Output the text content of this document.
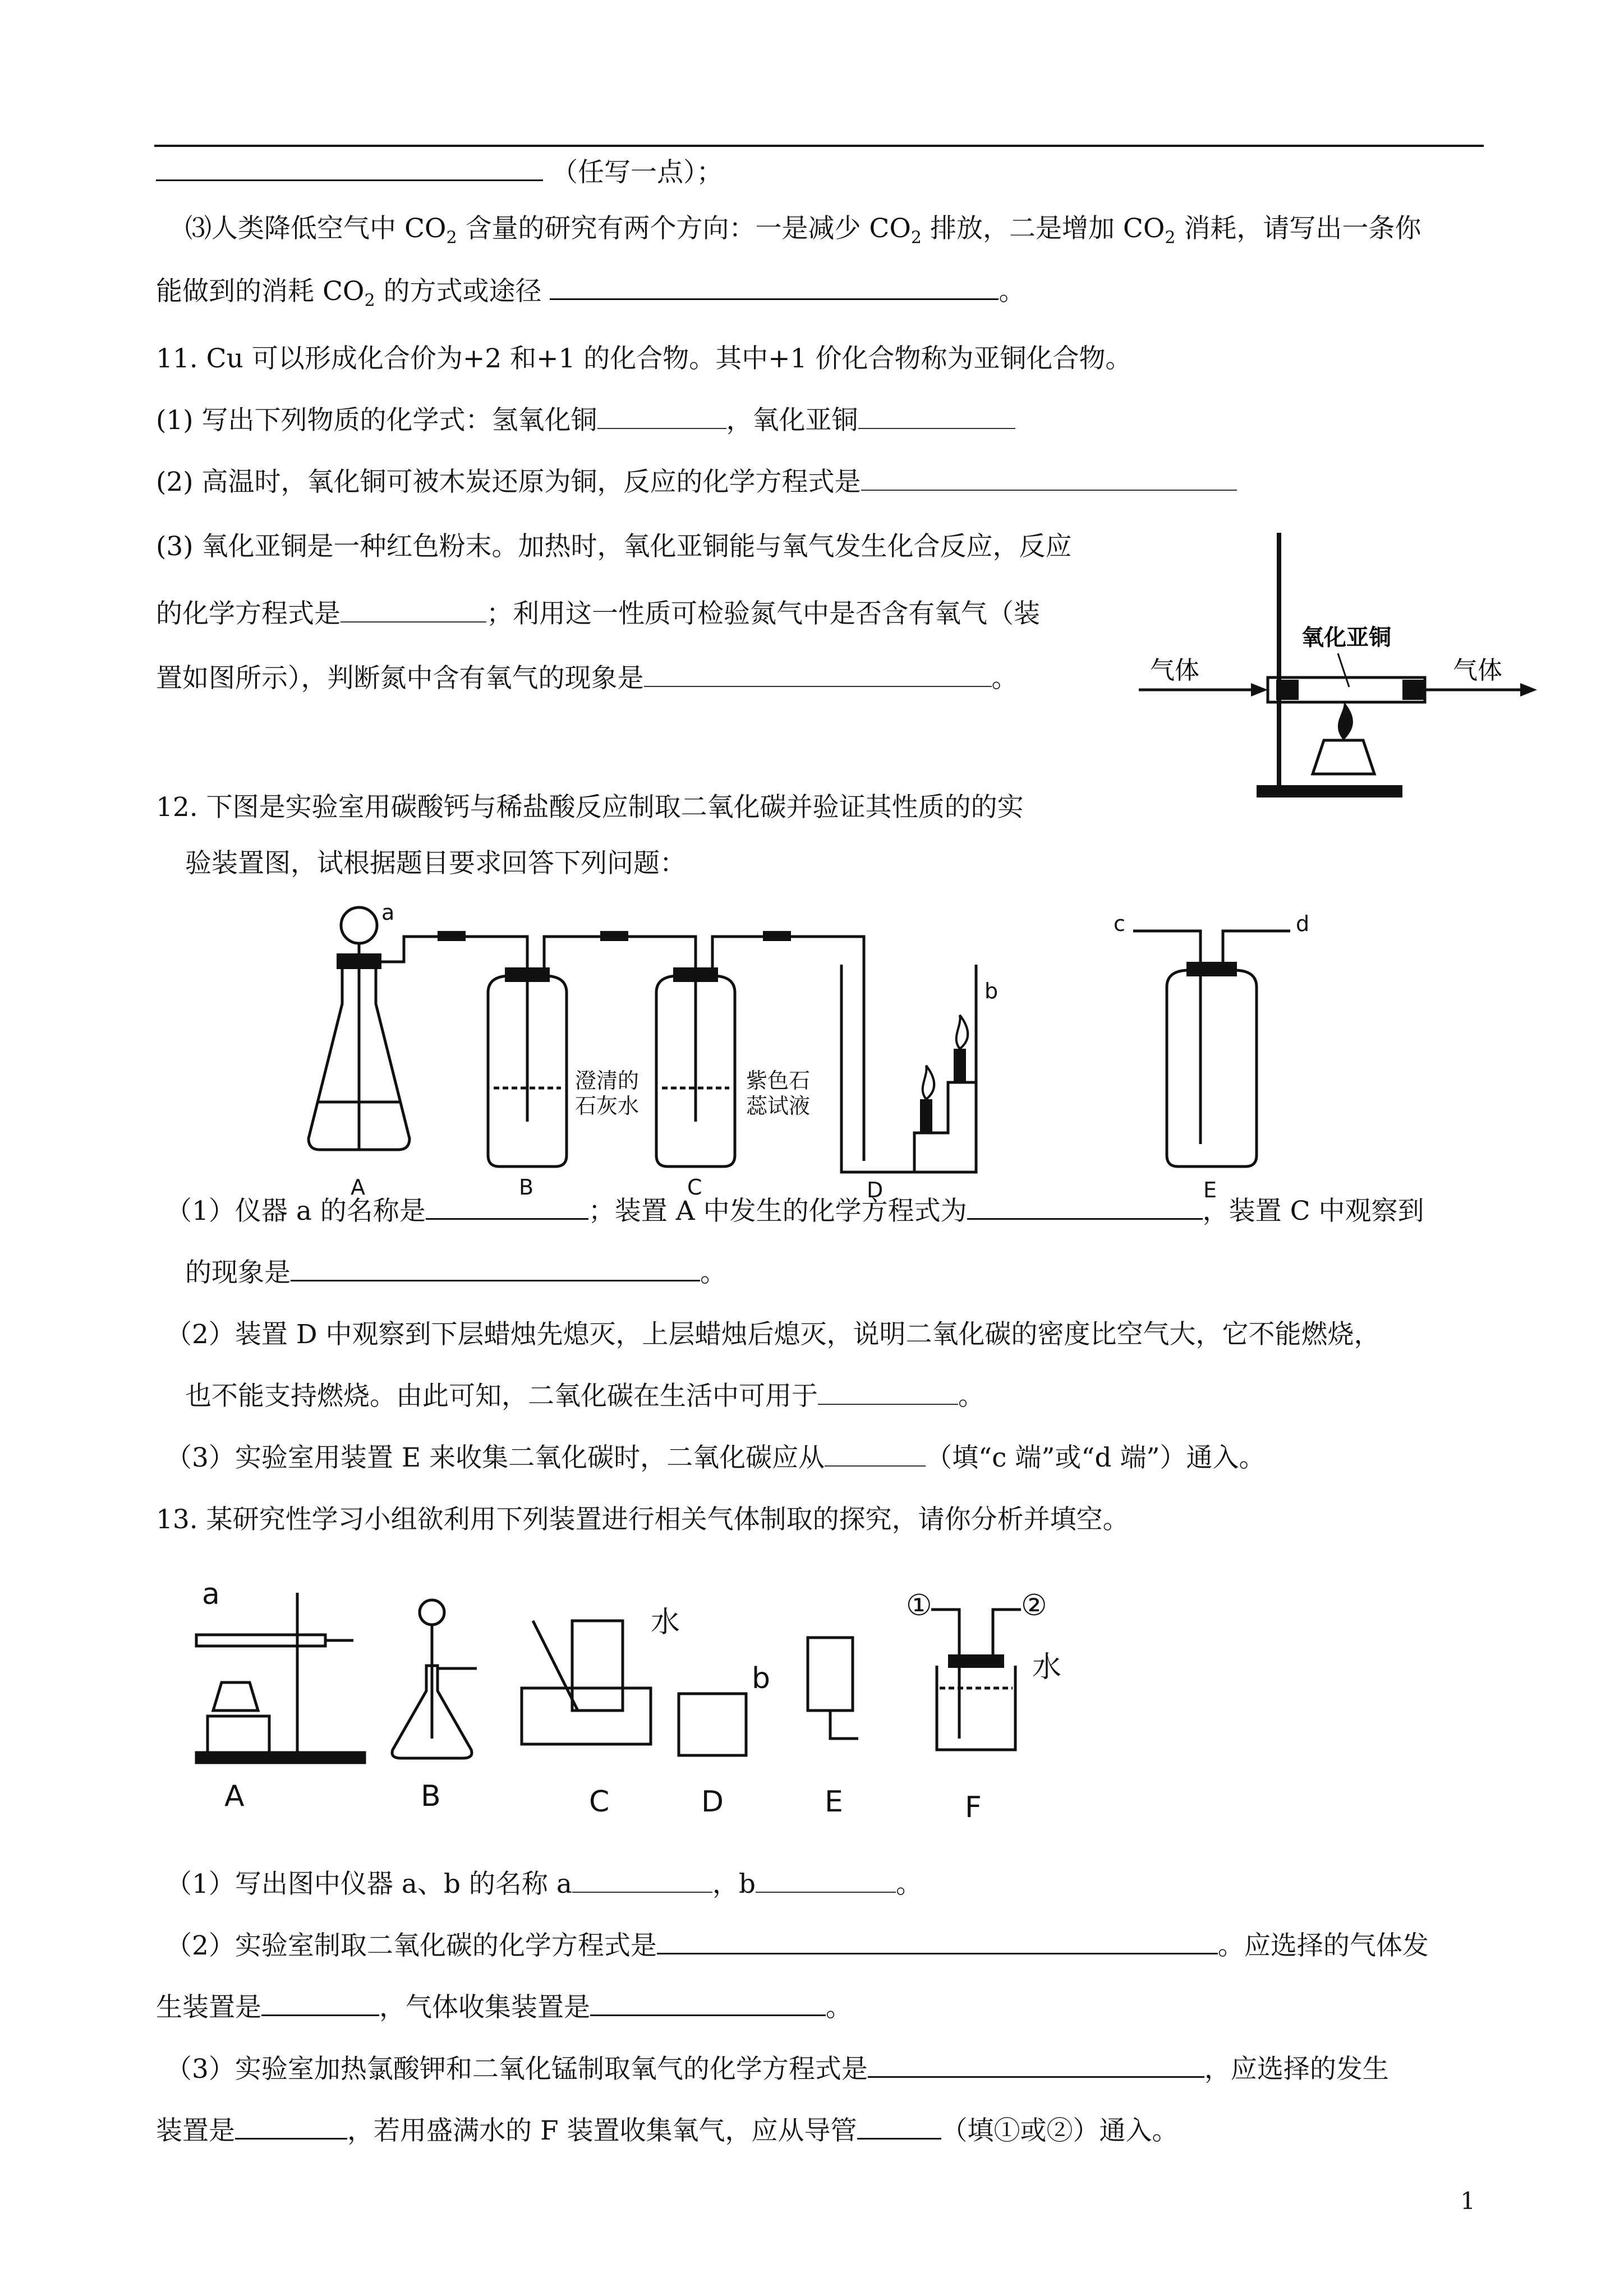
（任写一点）；
⑶人类降低空气中 $CO_2$ 含量的研究有两个方向：一是减少 $CO_2$ 排放，二是增加 $CO_2$ 消耗，请写出一条你
能做到的消耗 $CO_2$ 的方式或途径	。
11. Cu 可以形成化合价为+2 和+1 的化合物。其中+1 价化合物称为亚铜化合物。
(1) 写出下列物质的化学式：氢氧化铜	，氧化亚铜
(2) 高温时，氧化铜可被木炭还原为铜，反应的化学方程式是
(3) 氧化亚铜是一种红色粉末。加热时，氧化亚铜能与氧气发生化合反应，反应
的化学方程式是	；利用这一性质可检验氮气中是否含有氧气（装
置如图所示），判断氮中含有氧气的现象是	。	气体	气体
氧化亚铜
12. 下图是实验室用碳酸钙与稀盐酸反应制取二氧化碳并验证其性质的的实
验装置图，试根据题目要求回答下列问题：
a
b
c	d
澄清的
石灰水
紫色石
蕊试液
A	B	C	D	E
（1）仪器 a 的名称是	；装置 A 中发生的化学方程式为	，装置 C 中观察到
的现象是	。
（2）装置 D 中观察到下层蜡烛先熄灭，上层蜡烛后熄灭，说明二氧化碳的密度比空气大，它不能燃烧，
也不能支持燃烧。由此可知，二氧化碳在生活中可用于	。
（3）实验室用装置 E 来收集二氧化碳时，二氧化碳应从	（填“c 端”或“d 端”）通入。
13. 某研究性学习小组欲利用下列装置进行相关气体制取的探究，请你分析并填空。
a
b
水
水
①	②
A	B	C	D	E	F
（1）写出图中仪器 a、b 的名称 a	，b	。
（2）实验室制取二氧化碳的化学方程式是	。应选择的气体发
生装置是	，气体收集装置是	。
（3）实验室加热氯酸钾和二氧化锰制取氧气的化学方程式是	，应选择的发生
装置是	，若用盛满水的 F 装置收集氧气，应从导管	（填①或②）通入。
1
